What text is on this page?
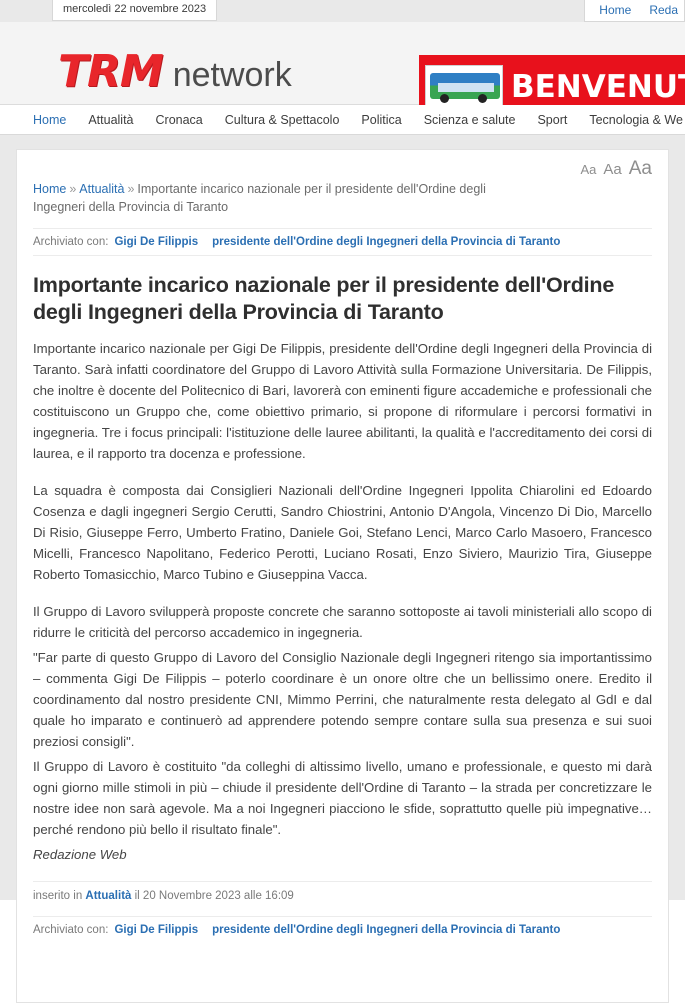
mercoledì 22 novembre 2023	Home Reda
TRM network	BENVENUT
Home Attualità Cronaca Cultura & Spettacolo Politica Scienza e salute Sport Tecnologia & We
Aa Aa Aa
Home » Attualità » Importante incarico nazionale per il presidente dell'Ordine degli Ingegneri della Provincia di Taranto
Archiviato con: Gigi De Filippis presidente dell'Ordine degli Ingegneri della Provincia di Taranto
Importante incarico nazionale per il presidente dell'Ordine degli Ingegneri della Provincia di Taranto

Importante incarico nazionale per Gigi De Filippis, presidente dell'Ordine degli Ingegneri della Provincia di Taranto. Sarà infatti coordinatore del Gruppo di Lavoro Attività sulla Formazione Universitaria. De Filippis, che inoltre è docente del Politecnico di Bari, lavorerà con eminenti figure accademiche e professionali che costituiscono un Gruppo che, come obiettivo primario, si propone di riformulare i percorsi formativi in ingegneria. Tre i focus principali: l'istituzione delle lauree abilitanti, la qualità e l'accreditamento dei corsi di laurea, e il rapporto tra docenza e professione.

La squadra è composta dai Consiglieri Nazionali dell'Ordine Ingegneri Ippolita Chiarolini ed Edoardo Cosenza e dagli ingegneri Sergio Cerutti, Sandro Chiostrini, Antonio D'Angola, Vincenzo Di Dio, Marcello Di Risio, Giuseppe Ferro, Umberto Fratino, Daniele Goi, Stefano Lenci, Marco Carlo Masoero, Francesco Micelli, Francesco Napolitano, Federico Perotti, Luciano Rosati, Enzo Siviero, Maurizio Tira, Giuseppe Roberto Tomasicchio, Marco Tubino e Giuseppina Vacca.

Il Gruppo di Lavoro svilupperà proposte concrete che saranno sottoposte ai tavoli ministeriali allo scopo di ridurre le criticità del percorso accademico in ingegneria.

"Far parte di questo Gruppo di Lavoro del Consiglio Nazionale degli Ingegneri ritengo sia importantissimo – commenta Gigi De Filippis – poterlo coordinare è un onore oltre che un bellissimo onere. Eredito il coordinamento dal nostro presidente CNI, Mimmo Perrini, che naturalmente resta delegato al GdI e dal quale ho imparato e continuerò ad apprendere potendo sempre contare sulla sua presenza e sui suoi preziosi consigli".

Il Gruppo di Lavoro è costituito "da colleghi di altissimo livello, umano e professionale, e questo mi darà ogni giorno mille stimoli in più – chiude il presidente dell'Ordine di Taranto – la strada per concretizzare le nostre idee non sarà agevole. Ma a noi Ingegneri piacciono le sfide, soprattutto quelle più impegnative… perché rendono più bello il risultato finale".

Redazione Web

inserito in Attualità il 20 Novembre 2023 alle 16:09
Archiviato con: Gigi De Filippis presidente dell'Ordine degli Ingegneri della Provincia di Taranto
